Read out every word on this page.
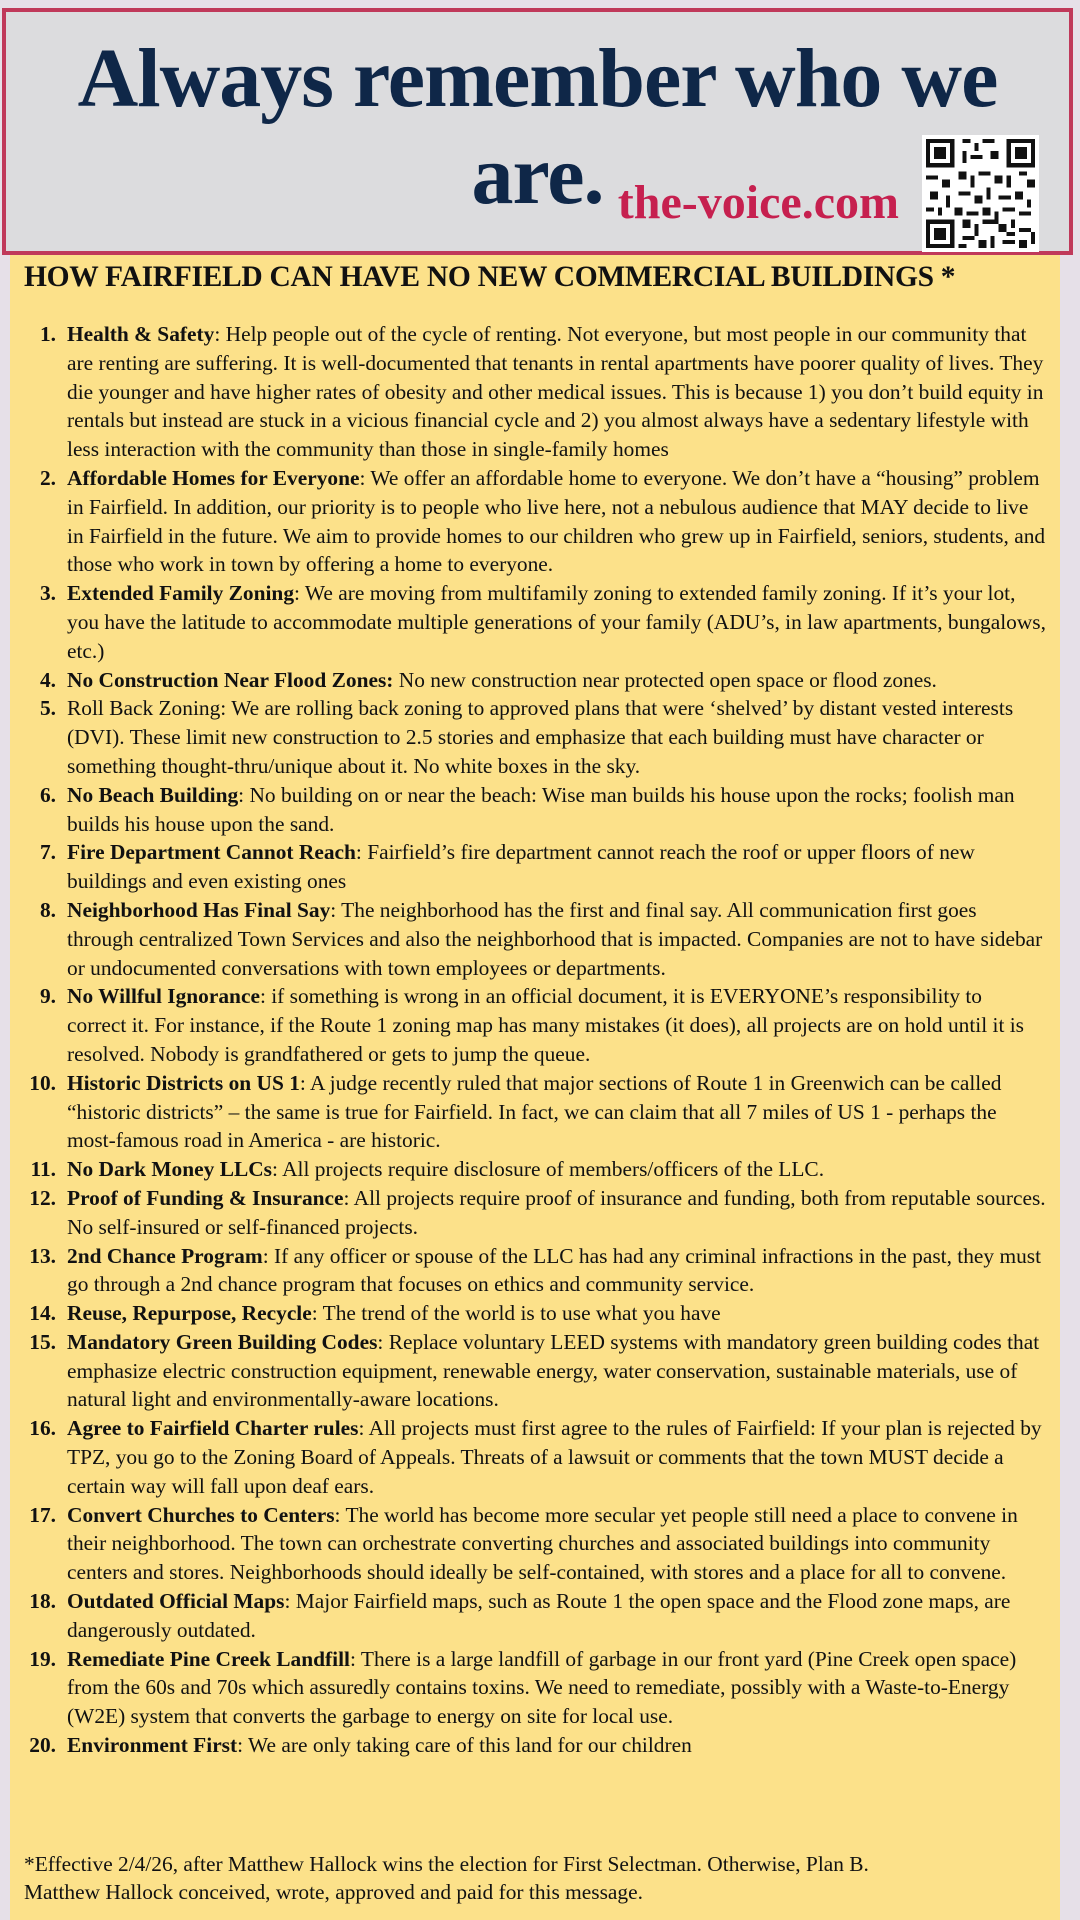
Always remember who we are. the-voice.com
HOW FAIRFIELD CAN HAVE NO NEW COMMERCIAL BUILDINGS *
1. Health & Safety: Help people out of the cycle of renting. Not everyone, but most people in our community that are renting are suffering. It is well-documented that tenants in rental apartments have poorer quality of lives. They die younger and have higher rates of obesity and other medical issues. This is because 1) you don’t build equity in rentals but instead are stuck in a vicious financial cycle and 2) you almost always have a sedentary lifestyle with less interaction with the community than those in single-family homes
2. Affordable Homes for Everyone: We offer an affordable home to everyone. We don’t have a “housing” problem in Fairfield. In addition, our priority is to people who live here, not a nebulous audience that MAY decide to live in Fairfield in the future. We aim to provide homes to our children who grew up in Fairfield, seniors, students, and those who work in town by offering a home to everyone.
3. Extended Family Zoning: We are moving from multifamily zoning to extended family zoning. If it’s your lot, you have the latitude to accommodate multiple generations of your family (ADU’s, in law apartments, bungalows, etc.)
4. No Construction Near Flood Zones: No new construction near protected open space or flood zones.
5. Roll Back Zoning: We are rolling back zoning to approved plans that were ‘shelved’ by distant vested interests (DVI). These limit new construction to 2.5 stories and emphasize that each building must have character or something thought-thru/unique about it. No white boxes in the sky.
6. No Beach Building: No building on or near the beach: Wise man builds his house upon the rocks; foolish man builds his house upon the sand.
7. Fire Department Cannot Reach: Fairfield’s fire department cannot reach the roof or upper floors of new buildings and even existing ones
8. Neighborhood Has Final Say: The neighborhood has the first and final say. All communication first goes through centralized Town Services and also the neighborhood that is impacted. Companies are not to have sidebar or undocumented conversations with town employees or departments.
9. No Willful Ignorance: if something is wrong in an official document, it is EVERYONE’s responsibility to correct it. For instance, if the Route 1 zoning map has many mistakes (it does), all projects are on hold until it is resolved. Nobody is grandfathered or gets to jump the queue.
10. Historic Districts on US 1: A judge recently ruled that major sections of Route 1 in Greenwich can be called “historic districts” – the same is true for Fairfield. In fact, we can claim that all 7 miles of US 1 - perhaps the most-famous road in America - are historic.
11. No Dark Money LLCs: All projects require disclosure of members/officers of the LLC.
12. Proof of Funding & Insurance: All projects require proof of insurance and funding, both from reputable sources. No self-insured or self-financed projects.
13. 2nd Chance Program: If any officer or spouse of the LLC has had any criminal infractions in the past, they must go through a 2nd chance program that focuses on ethics and community service.
14. Reuse, Repurpose, Recycle: The trend of the world is to use what you have
15. Mandatory Green Building Codes: Replace voluntary LEED systems with mandatory green building codes that emphasize electric construction equipment, renewable energy, water conservation, sustainable materials, use of natural light and environmentally-aware locations.
16. Agree to Fairfield Charter rules: All projects must first agree to the rules of Fairfield: If your plan is rejected by TPZ, you go to the Zoning Board of Appeals. Threats of a lawsuit or comments that the town MUST decide a certain way will fall upon deaf ears.
17. Convert Churches to Centers: The world has become more secular yet people still need a place to convene in their neighborhood. The town can orchestrate converting churches and associated buildings into community centers and stores. Neighborhoods should ideally be self-contained, with stores and a place for all to convene.
18. Outdated Official Maps: Major Fairfield maps, such as Route 1 the open space and the Flood zone maps, are dangerously outdated.
19. Remediate Pine Creek Landfill: There is a large landfill of garbage in our front yard (Pine Creek open space) from the 60s and 70s which assuredly contains toxins. We need to remediate, possibly with a Waste-to-Energy (W2E) system that converts the garbage to energy on site for local use.
20. Environment First: We are only taking care of this land for our children
*Effective 2/4/26, after Matthew Hallock wins the election for First Selectman. Otherwise, Plan B.
Matthew Hallock conceived, wrote, approved and paid for this message.
